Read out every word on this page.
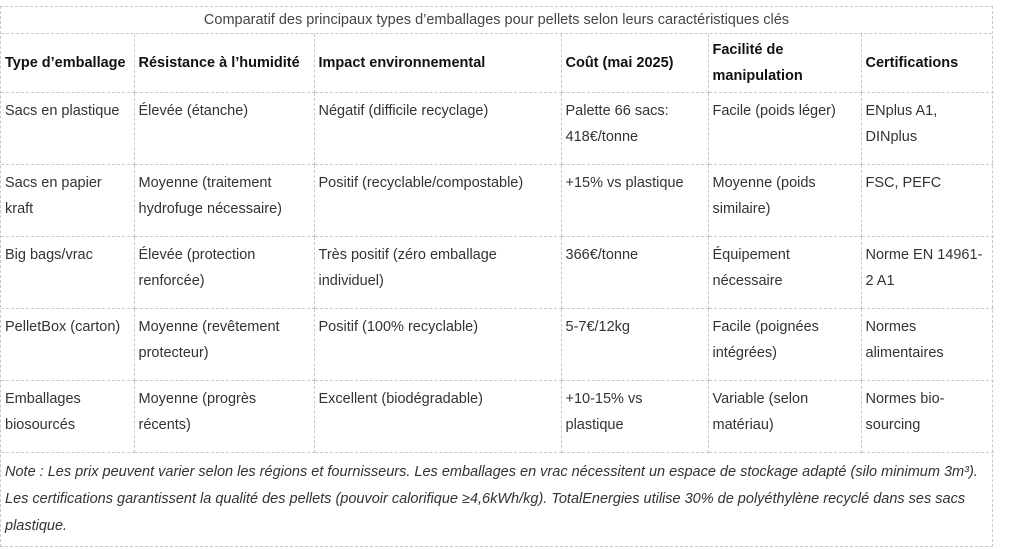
Comparatif des principaux types d’emballages pour pellets selon leurs caractéristiques clés
Type d’emballage	Résistance à l’humidité	Impact environnemental	Coût (mai 2025)	Facilité de manipulation	Certifications
Sacs en plastique	Élevée (étanche)	Négatif (difficile recyclage)	Palette 66 sacs: 418€/tonne	Facile (poids léger)	ENplus A1, DINplus
Sacs en papier kraft	Moyenne (traitement hydrofuge nécessaire)	Positif (recyclable/compostable)	+15% vs plastique	Moyenne (poids similaire)	FSC, PEFC
Big bags/vrac	Élevée (protection renforcée)	Très positif (zéro emballage individuel)	366€/tonne	Équipement nécessaire	Norme EN 14961-2 A1
PelletBox (carton)	Moyenne (revêtement protecteur)	Positif (100% recyclable)	5-7€/12kg	Facile (poignées intégrées)	Normes alimentaires
Emballages biosourcés	Moyenne (progrès récents)	Excellent (biodégradable)	+10-15% vs plastique	Variable (selon matériau)	Normes bio-sourcing
Note : Les prix peuvent varier selon les régions et fournisseurs. Les emballages en vrac nécessitent un espace de stockage adapté (silo minimum 3m³). Les certifications garantissent la qualité des pellets (pouvoir calorifique ≥4,6kWh/kg). TotalEnergies utilise 30% de polyéthylène recyclé dans ses sacs plastique.
